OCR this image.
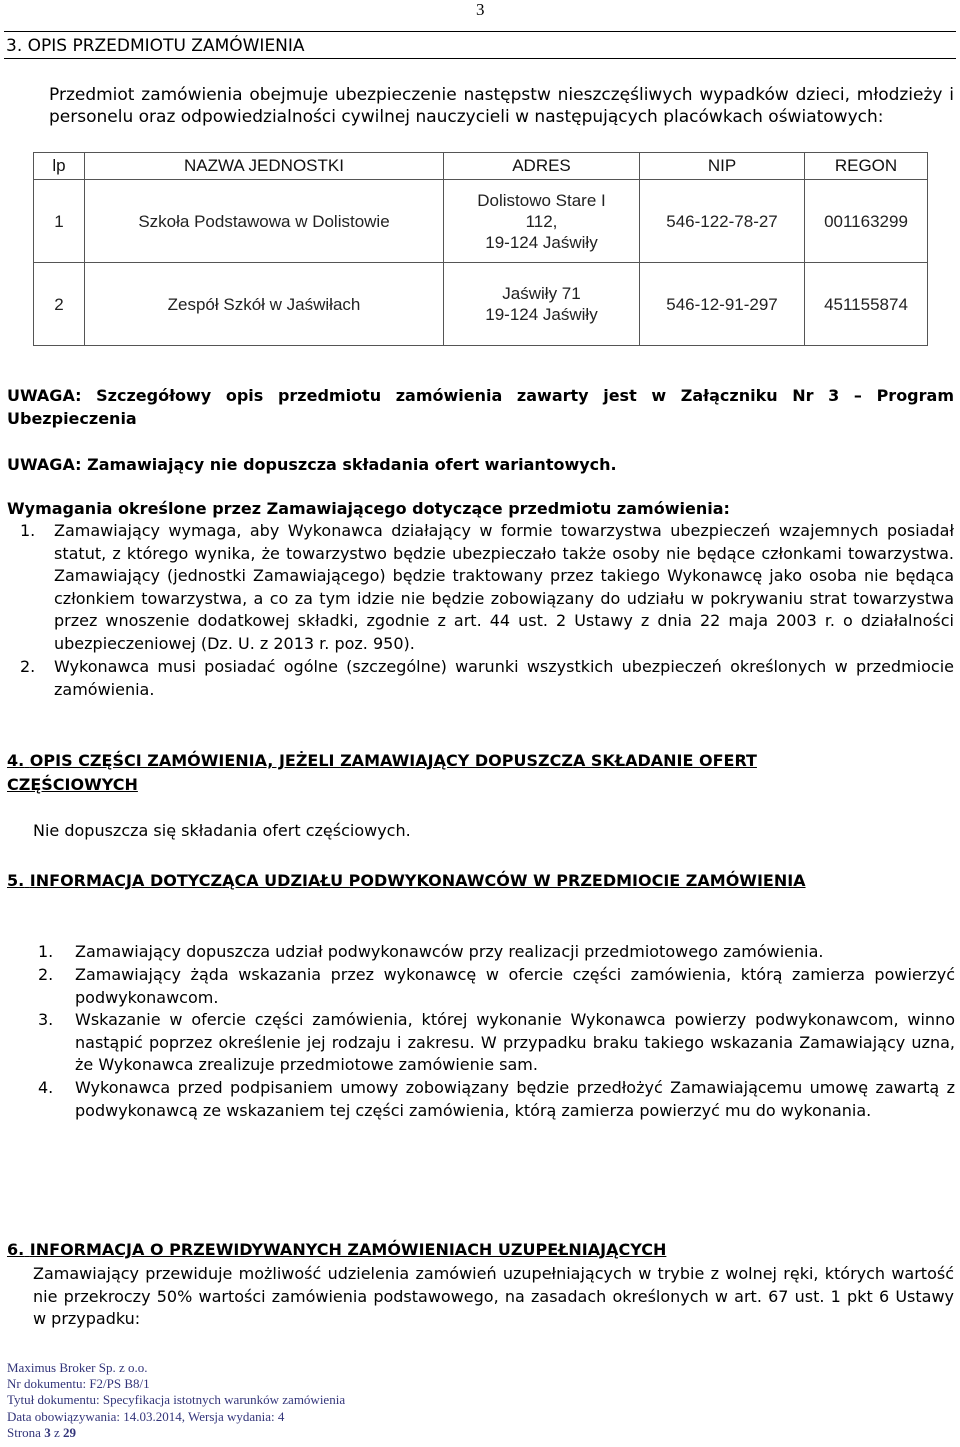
3
3. OPIS PRZEDMIOTU ZAMÓWIENIA
Przedmiot zamówienia obejmuje ubezpieczenie następstw nieszczęśliwych wypadków dzieci, młodzieży i personelu oraz odpowiedzialności cywilnej nauczycieli w następujących placówkach oświatowych:
lp	NAZWA JEDNOSTKI	ADRES	NIP	REGON
1	Szkoła Podstawowa w Dolistowie	Dolistowo Stare I
112,
19-124 Jaświły	546-122-78-27	001163299
2	Zespół Szkół w Jaświłach	Jaświły 71
19-124 Jaświły	546-12-91-297	451155874
UWAGA: Szczegółowy opis przedmiotu zamówienia zawarty jest w Załączniku Nr 3 – Program
Ubezpieczenia
UWAGA: Zamawiający nie dopuszcza składania ofert wariantowych.
Wymagania określone przez Zamawiającego dotyczące przedmiotu zamówienia:
1. Zamawiający wymaga, aby Wykonawca działający w formie towarzystwa ubezpieczeń wzajemnych posiadał statut, z którego wynika, że towarzystwo będzie ubezpieczało także osoby nie będące członkami towarzystwa. Zamawiający (jednostki Zamawiającego) będzie traktowany przez takiego Wykonawcę jako osoba nie będąca członkiem towarzystwa, a co za tym idzie nie będzie zobowiązany do udziału w pokrywaniu strat towarzystwa przez wnoszenie dodatkowej składki, zgodnie z art. 44 ust. 2 Ustawy z dnia 22 maja 2003 r. o działalności ubezpieczeniowej (Dz. U. z 2013 r. poz. 950).
2. Wykonawca musi posiadać ogólne (szczególne) warunki wszystkich ubezpieczeń określonych w przedmiocie zamówienia.
4. OPIS CZĘŚCI ZAMÓWIENIA, JEŻELI ZAMAWIAJĄCY DOPUSZCZA SKŁADANIE OFERT CZĘŚCIOWYCH
Nie dopuszcza się składania ofert częściowych.
5. INFORMACJA DOTYCZĄCA UDZIAŁU PODWYKONAWCÓW W PRZEDMIOCIE ZAMÓWIENIA
1. Zamawiający dopuszcza udział podwykonawców przy realizacji przedmiotowego zamówienia.
2. Zamawiający żąda wskazania przez wykonawcę w ofercie części zamówienia, którą zamierza powierzyć podwykonawcom.
3. Wskazanie w ofercie części zamówienia, której wykonanie Wykonawca powierzy podwykonawcom, winno nastąpić poprzez określenie jej rodzaju i zakresu. W przypadku braku takiego wskazania Zamawiający uzna, że Wykonawca zrealizuje przedmiotowe zamówienie sam.
4. Wykonawca przed podpisaniem umowy zobowiązany będzie przedłożyć Zamawiającemu umowę zawartą z podwykonawcą ze wskazaniem tej części zamówienia, którą zamierza powierzyć mu do wykonania.
6. INFORMACJA O PRZEWIDYWANYCH ZAMÓWIENIACH UZUPEŁNIAJĄCYCH
Zamawiający przewiduje możliwość udzielenia zamówień uzupełniających w trybie z wolnej ręki, których wartość nie przekroczy 50% wartości zamówienia podstawowego, na zasadach określonych w art. 67 ust. 1 pkt 6 Ustawy w przypadku:
Maximus Broker Sp. z o.o.
Nr dokumentu: F2/PS B8/1
Tytuł dokumentu: Specyfikacja istotnych warunków zamówienia
Data obowiązywania: 14.03.2014, Wersja wydania: 4
Strona 3 z 29
